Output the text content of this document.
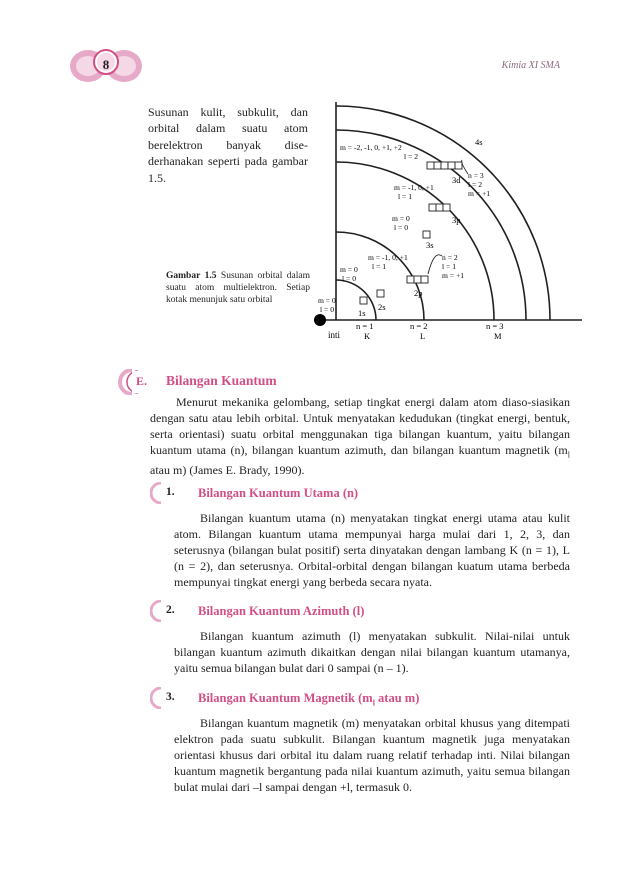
8	Kimia XI SMA
Susunan kulit, subkulit, dan orbital dalam suatu atom berelektron banyak dise-derhanakan seperti pada gambar 1.5.
Gambar 1.5 Susunan orbital dalam suatu atom multielektron. Setiap kotak menunjuk satu orbital
inti
n = 1
K
n = 2
L
n = 3
M
1s
2s
2p
3s
3p
3d
4s
m = 0
l = 0
m = 0
l = 0
m = -1, 0, +1
l = 1
m = 0
l = 0
m = -1, 0, +1
l = 1
m = -2, -1, 0, +1, +2
l = 2
n = 2
l = 1
m = +1
n = 3
l = 2
m = +1
E. Bilangan Kuantum

Menurut mekanika gelombang, setiap tingkat energi dalam atom diaso-siasikan dengan satu atau lebih orbital. Untuk menyatakan kedudukan (tingkat energi, bentuk, serta orientasi) suatu orbital menggunakan tiga bilangan kuantum, yaitu bilangan kuantum utama (n), bilangan kuantum azimuth, dan bilangan kuantum magnetik ($m_l$ atau m) (James E. Brady, 1990).

1. Bilangan Kuantum Utama (n)

Bilangan kuantum utama (n) menyatakan tingkat energi utama atau kulit atom. Bilangan kuantum utama mempunyai harga mulai dari 1, 2, 3, dan seterusnya (bilangan bulat positif) serta dinyatakan dengan lambang K (n = 1), L (n = 2), dan seterusnya. Orbital-orbital dengan bilangan kuatum utama berbeda mempunyai tingkat energi yang berbeda secara nyata.

2. Bilangan Kuantum Azimuth (l)

Bilangan kuantum azimuth (l) menyatakan subkulit. Nilai-nilai untuk bilangan kuantum azimuth dikaitkan dengan nilai bilangan kuantum utamanya, yaitu semua bilangan bulat dari 0 sampai (n – 1).

3. Bilangan Kuantum Magnetik ($m_l$ atau m)

Bilangan kuantum magnetik (m) menyatakan orbital khusus yang ditempati elektron pada suatu subkulit. Bilangan kuantum magnetik juga menyatakan orientasi khusus dari orbital itu dalam ruang relatif terhadap inti. Nilai bilangan kuantum magnetik bergantung pada nilai kuantum azimuth, yaitu semua bilangan bulat mulai dari –l sampai dengan +l, termasuk 0.
